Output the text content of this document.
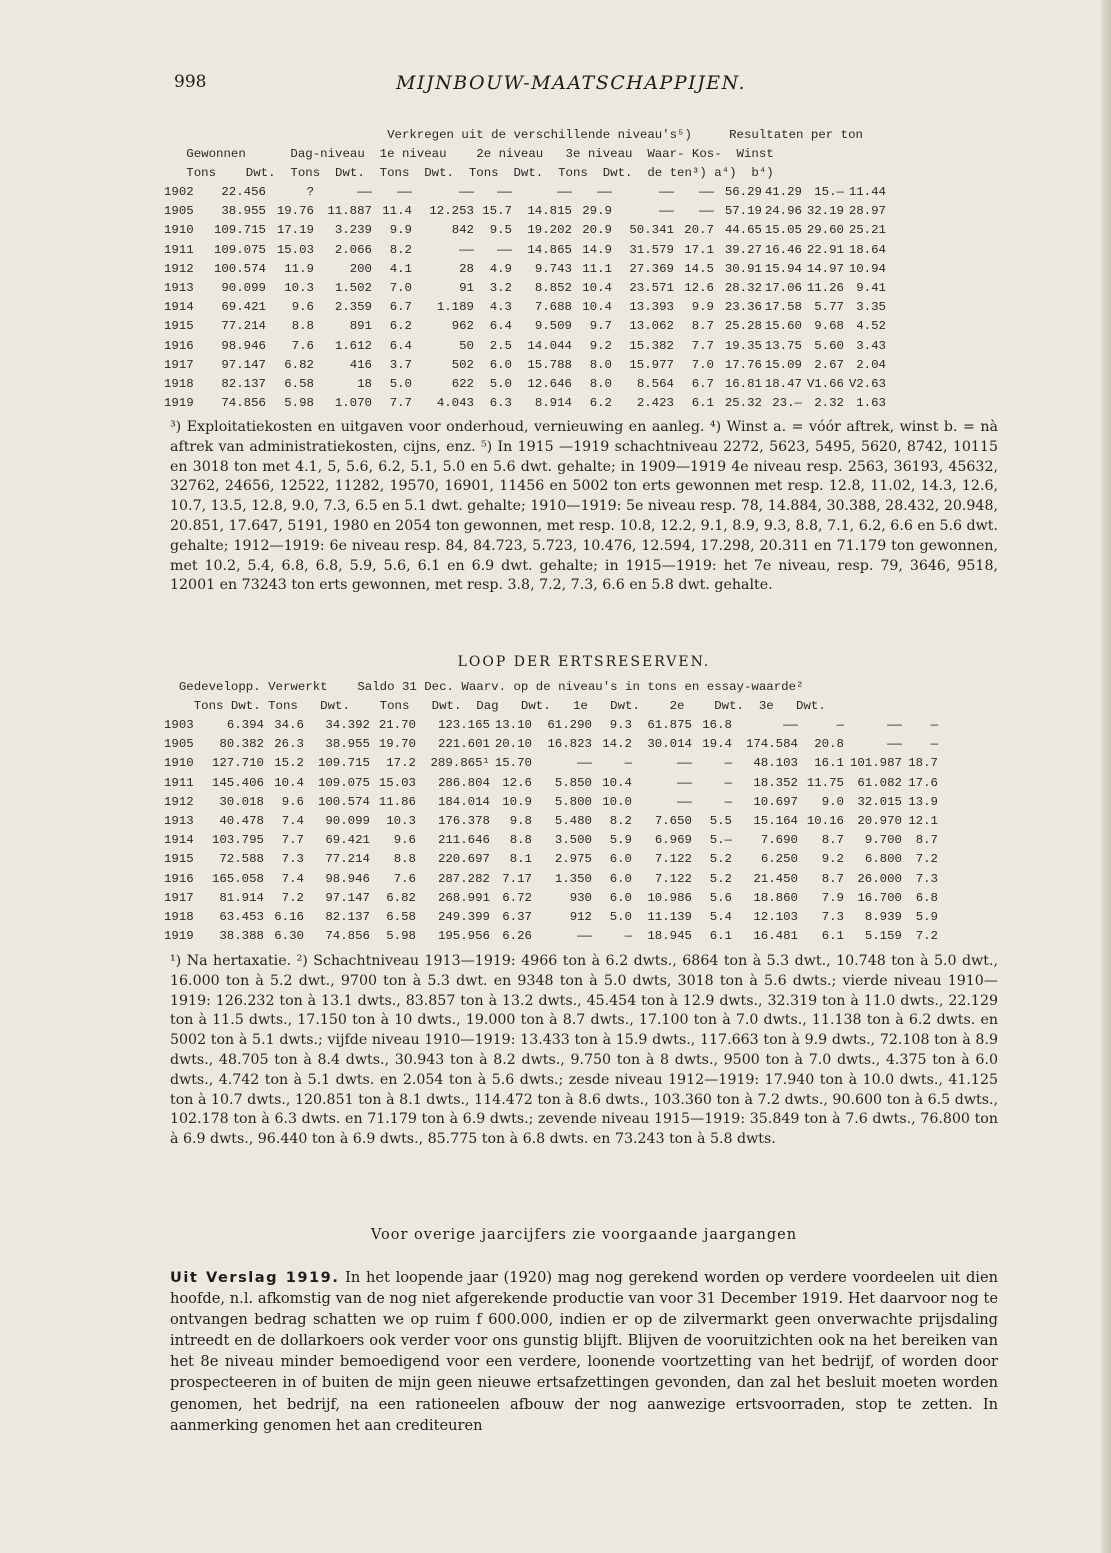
998	MIJNBOUW-MAATSCHAPPIJEN.
Verkregen uit de verschillende niveau's⁵)     Resultaten per ton
Gewonnen      Dag-niveau  1e niveau    2e niveau   3e niveau  Waar- Kos-  Winst
Tons    Dwt.  Tons  Dwt.  Tons  Dwt.  Tons  Dwt.  Tons  Dwt.  de ten³) a⁴)  b⁴)
1902	22.456	?	——	——	——	——	——	——	——	—— 56.29 41.29 15.— 11.44
1905	38.955 19.76	11.887 11.4	12.253 15.7	14.815 29.9	——	—— 57.19 24.96 32.19 28.97
1910	109.715 17.19	3.239	9.9	842	9.5	19.202 20.9	50.341 20.7 44.65 15.05 29.60 25.21
1911	109.075 15.03	2.066	8.2	——	——	14.865 14.9	31.579 17.1 39.27 16.46 22.91 18.64
1912	100.574	11.9	200	4.1	28	4.9	9.743 11.1	27.369 14.5 30.91 15.94 14.97 10.94
1913	90.099	10.3	1.502	7.0	91	3.2	8.852 10.4	23.571 12.6 28.32 17.06 11.26 9.41
1914	69.421	9.6	2.359	6.7	1.189	4.3	7.688 10.4	13.393	9.9 23.36 17.58 5.77 3.35
1915	77.214	8.8	891	6.2	962	6.4	9.509	9.7	13.062	8.7 25.28 15.60 9.68 4.52
1916	98.946	7.6	1.612	6.4	50	2.5	14.044	9.2	15.382	7.7 19.35 13.75 5.60 3.43
1917	97.147	6.82	416	3.7	502	6.0	15.788	8.0	15.977	7.0 17.76 15.09 2.67 2.04
1918	82.137	6.58	18	5.0	622	5.0	12.646	8.0	8.564	6.7 16.81 18.47 V1.66 V2.63
1919	74.856	5.98	1.070	7.7	4.043	6.3	8.914	6.2	2.423	6.1 25.32 23.— 2.32 1.63
³) Exploitatiekosten en uitgaven voor onderhoud, vernieuwing en aanleg. ⁴) Winst a. = vóór aftrek, winst b. = nà aftrek van administratiekosten, cijns, enz. ⁵) In 1915 —1919 schachtniveau 2272, 5623, 5495, 5620, 8742, 10115 en 3018 ton met 4.1, 5, 5.6, 6.2, 5.1, 5.0 en 5.6 dwt. gehalte; in 1909—1919 4e niveau resp. 2563, 36193, 45632, 32762, 24656, 12522, 11282, 19570, 16901, 11456 en 5002 ton erts gewonnen met resp. 12.8, 11.02, 14.3, 12.6, 10.7, 13.5, 12.8, 9.0, 7.3, 6.5 en 5.1 dwt. gehalte; 1910—1919: 5e niveau resp. 78, 14.884, 30.388, 28.432, 20.948, 20.851, 17.647, 5191, 1980 en 2054 ton gewonnen, met resp. 10.8, 12.2, 9.1, 8.9, 9.3, 8.8, 7.1, 6.2, 6.6 en 5.6 dwt. gehalte; 1912—1919: 6e niveau resp. 84, 84.723, 5.723, 10.476, 12.594, 17.298, 20.311 en 71.179 ton gewonnen, met 10.2, 5.4, 6.8, 6.8, 5.9, 5.6, 6.1 en 6.9 dwt. gehalte; in 1915—1919: het 7e niveau, resp. 79, 3646, 9518, 12001 en 73243 ton erts gewonnen, met resp. 3.8, 7.2, 7.3, 6.6 en 5.8 dwt. gehalte.
LOOP DER ERTSRESERVEN.
Gedevelopp. Verwerkt    Saldo 31 Dec. Waarv. op de niveau's in tons en essay-waarde²
Tons Dwt. Tons   Dwt.    Tons   Dwt.  Dag   Dwt.   1e   Dwt.    2e    Dwt.  3e   Dwt.
1903	6.394 34.6	34.392 21.70	123.165 13.10	61.290	9.3	61.875 16.8	——	—	——	—
1905	80.382 26.3	38.955 19.70	221.601 20.10	16.823 14.2	30.014 19.4	174.584	20.8	——	—
1910	127.710 15.2	109.715	17.2	289.865¹ 15.70	——	—	——	—	48.103	16.1 101.987 18.7
1911	145.406 10.4	109.075 15.03	286.804 12.6	5.850 10.4	——	—	18.352 11.75	61.082 17.6
1912	30.018	9.6	100.574 11.86	184.014 10.9	5.800 10.0	——	—	10.697	9.0	32.015 13.9
1913	40.478	7.4	90.099	10.3	176.378	9.8	5.480	8.2	7.650	5.5	15.164 10.16	20.970 12.1
1914	103.795	7.7	69.421	9.6	211.646	8.8	3.500	5.9	6.969	5.—	7.690	8.7	9.700	8.7
1915	72.588	7.3	77.214	8.8	220.697	8.1	2.975	6.0	7.122	5.2	6.250	9.2	6.800	7.2
1916	165.058	7.4	98.946	7.6	287.282 7.17	1.350	6.0	7.122	5.2	21.450	8.7	26.000	7.3
1917	81.914	7.2	97.147	6.82	268.991 6.72	930	6.0	10.986	5.6	18.860	7.9	16.700	6.8
1918	63.453 6.16	82.137	6.58	249.399 6.37	912	5.0	11.139	5.4	12.103	7.3	8.939	5.9
1919	38.388 6.30	74.856	5.98	195.956 6.26	——	—	18.945	6.1	16.481	6.1	5.159	7.2
¹) Na hertaxatie. ²) Schachtniveau 1913—1919: 4966 ton à 6.2 dwts., 6864 ton à 5.3 dwt., 10.748 ton à 5.0 dwt., 16.000 ton à 5.2 dwt., 9700 ton à 5.3 dwt. en 9348 ton à 5.0 dwts, 3018 ton à 5.6 dwts.; vierde niveau 1910—1919: 126.232 ton à 13.1 dwts., 83.857 ton à 13.2 dwts., 45.454 ton à 12.9 dwts., 32.319 ton à 11.0 dwts., 22.129 ton à 11.5 dwts., 17.150 ton à 10 dwts., 19.000 ton à 8.7 dwts., 17.100 ton à 7.0 dwts., 11.138 ton à 6.2 dwts. en 5002 ton à 5.1 dwts.; vijfde niveau 1910—1919: 13.433 ton à 15.9 dwts., 117.663 ton à 9.9 dwts., 72.108 ton à 8.9 dwts., 48.705 ton à 8.4 dwts., 30.943 ton à 8.2 dwts., 9.750 ton à 8 dwts., 9500 ton à 7.0 dwts., 4.375 ton à 6.0 dwts., 4.742 ton à 5.1 dwts. en 2.054 ton à 5.6 dwts.; zesde niveau 1912—1919: 17.940 ton à 10.0 dwts., 41.125 ton à 10.7 dwts., 120.851 ton à 8.1 dwts., 114.472 ton à 8.6 dwts., 103.360 ton à 7.2 dwts., 90.600 ton à 6.5 dwts., 102.178 ton à 6.3 dwts. en 71.179 ton à 6.9 dwts.; zevende niveau 1915—1919: 35.849 ton à 7.6 dwts., 76.800 ton à 6.9 dwts., 96.440 ton à 6.9 dwts., 85.775 ton à 6.8 dwts. en 73.243 ton à 5.8 dwts.
Voor overige jaarcijfers zie voorgaande jaargangen
Uit Verslag 1919. In het loopende jaar (1920) mag nog gerekend worden op verdere voordeelen uit dien hoofde, n.l. afkomstig van de nog niet afgerekende productie van voor 31 December 1919. Het daarvoor nog te ontvangen bedrag schatten we op ruim f 600.000, indien er op de zilvermarkt geen onverwachte prijsdaling intreedt en de dollarkoers ook verder voor ons gunstig blijft. Blijven de vooruitzichten ook na het bereiken van het 8e niveau minder bemoedigend voor een verdere, loonende voortzetting van het bedrijf, of worden door prospecteeren in of buiten de mijn geen nieuwe ertsafzettingen gevonden, dan zal het besluit moeten worden genomen, het bedrijf, na een rationeelen afbouw der nog aanwezige ertsvoorraden, stop te zetten. In aanmerking genomen het aan crediteuren
